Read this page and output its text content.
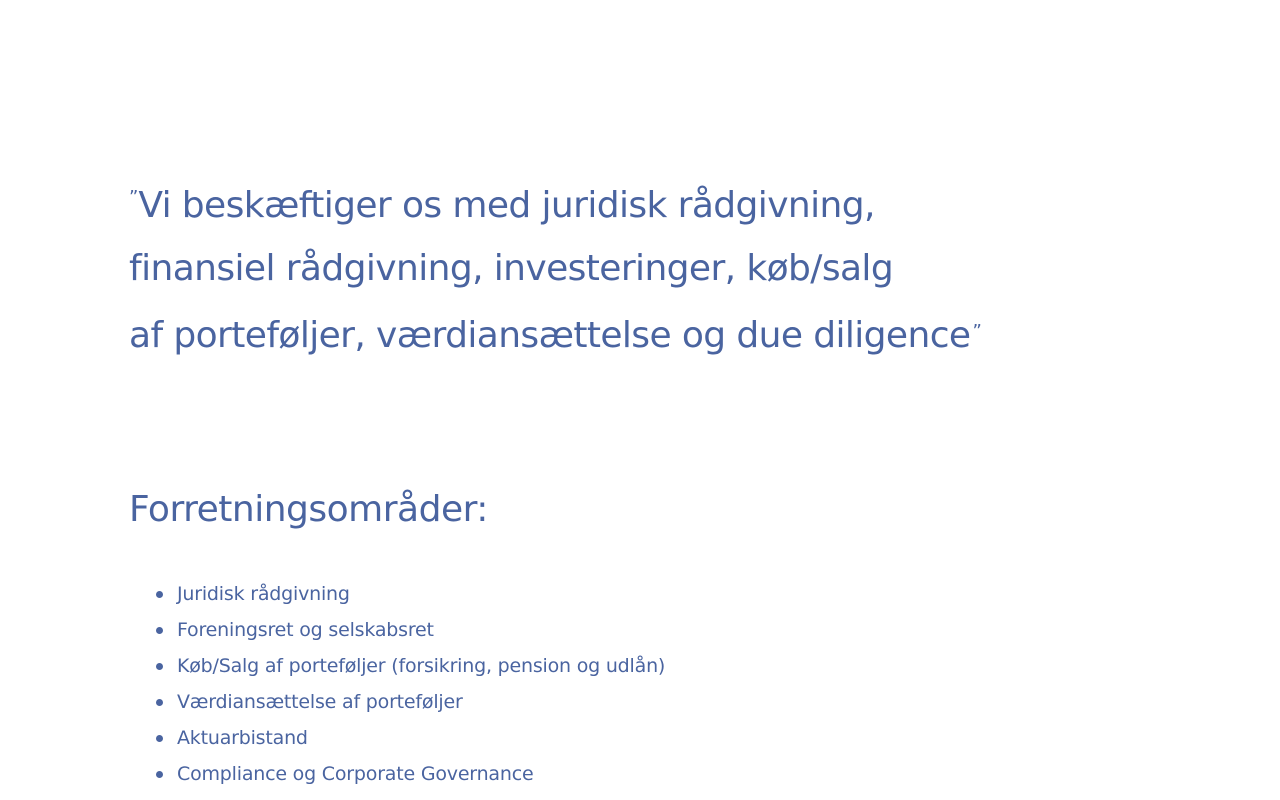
”Vi beskæftiger os med juridisk rådgivning,
finansiel rådgivning, investeringer, køb/salg
af porteføljer, værdiansættelse og due diligence ”
Forretningsområder:
Juridisk rådgivning
Foreningsret og selskabsret
Køb/Salg af porteføljer (forsikring, pension og udlån)
Værdiansættelse af porteføljer
Aktuarbistand
Compliance og Corporate Governance
